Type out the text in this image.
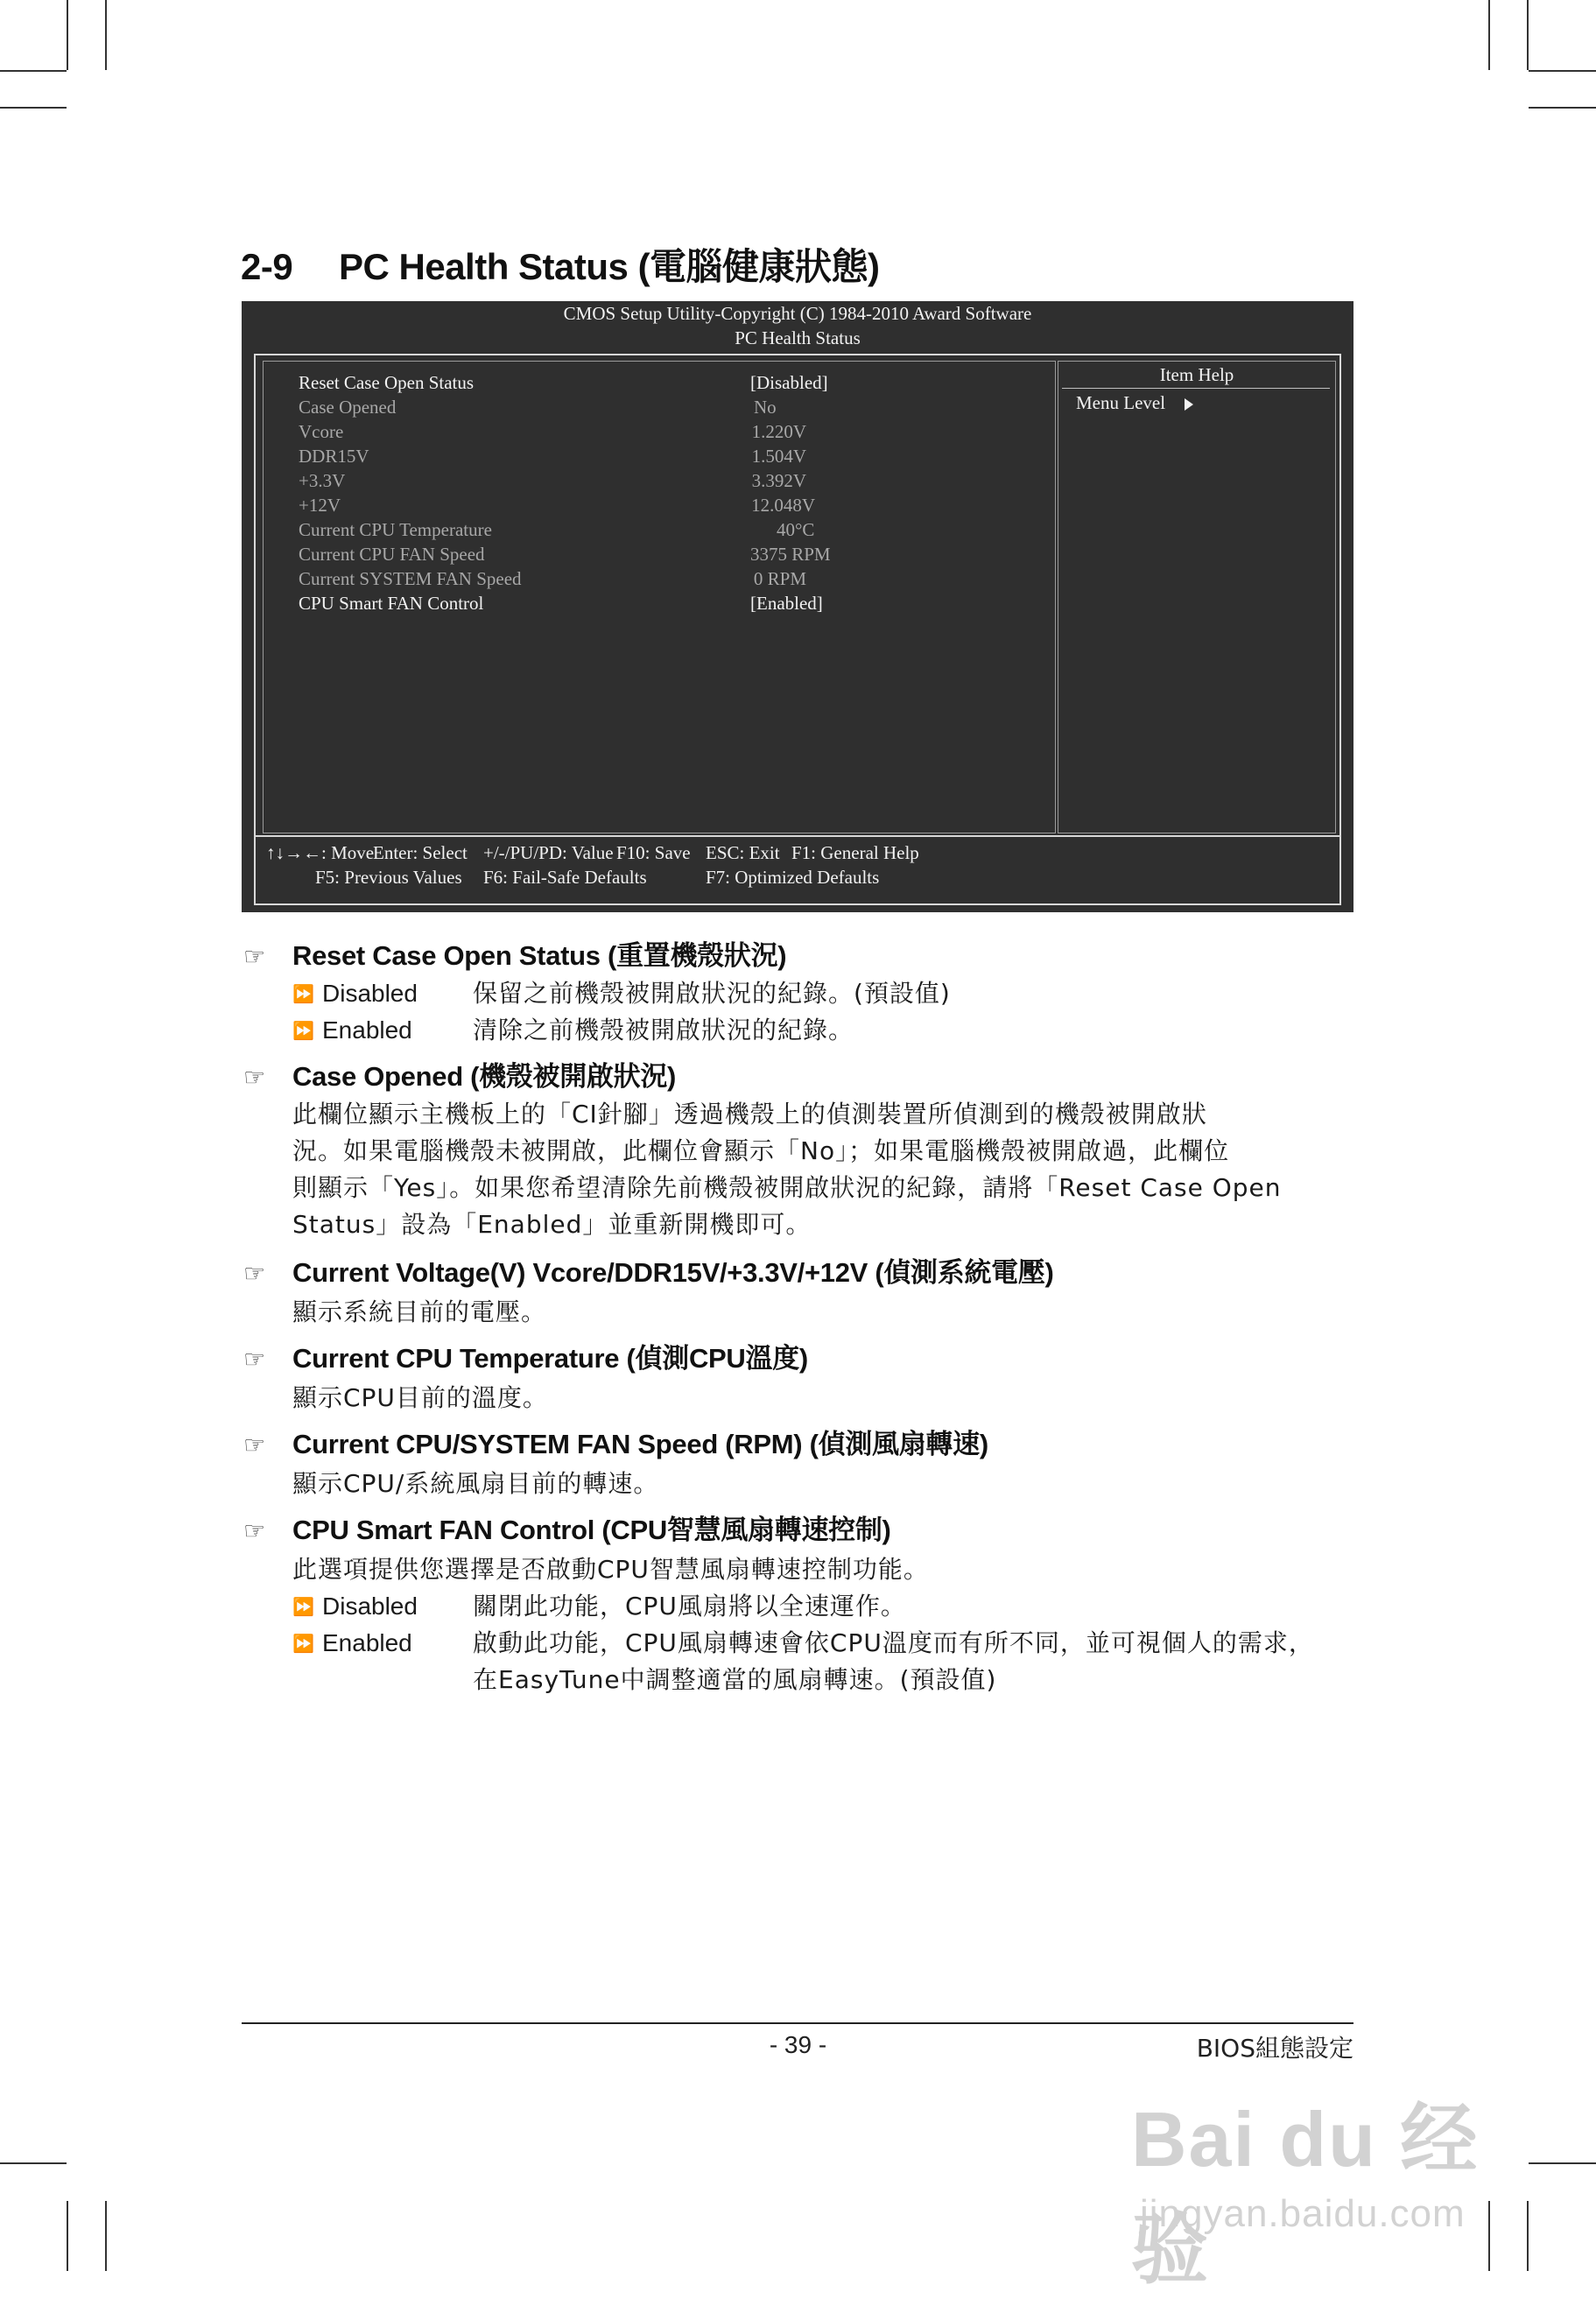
2-9 PC Health Status (電腦健康狀態)
CMOS Setup Utility-Copyright (C) 1984-2010 Award Software
PC Health Status
Reset Case Open Status	[Disabled]
Case Opened	No
Vcore	1.220V
DDR15V	1.504V
+3.3V	3.392V
+12V	12.048V
Current CPU Temperature	40°C
Current CPU FAN Speed	3375 RPM
Current SYSTEM FAN Speed	0 RPM
CPU Smart FAN Control	[Enabled]
Item Help
Menu Level
↑↓→←: Move
Enter: Select +/-/PU/PD: Value F10: Save ESC: Exit F1: General Help
F5: Previous Values F6: Fail-Safe Defaults	F7: Optimized Defaults
☞ Reset Case Open Status (重置機殼狀況)
⏩ Disabled 保留之前機殼被開啟狀況的紀錄。(預設值)
⏩ Enabled 清除之前機殼被開啟狀況的紀錄。
☞ Case Opened (機殼被開啟狀況)
此欄位顯示主機板上的「CI針腳」透過機殼上的偵測裝置所偵測到的機殼被開啟狀
況。如果電腦機殼未被開啟，此欄位會顯示「No」；如果電腦機殼被開啟過，此欄位
則顯示「Yes」。如果您希望清除先前機殼被開啟狀況的紀錄，請將「Reset Case Open
Status」設為「Enabled」並重新開機即可。
☞ Current Voltage(V) Vcore/DDR15V/+3.3V/+12V (偵測系統電壓)
顯示系統目前的電壓。
☞ Current CPU Temperature (偵測CPU溫度)
顯示CPU目前的溫度。
☞ Current CPU/SYSTEM FAN Speed (RPM) (偵測風扇轉速)
顯示CPU/系統風扇目前的轉速。
☞ CPU Smart FAN Control (CPU智慧風扇轉速控制)
此選項提供您選擇是否啟動CPU智慧風扇轉速控制功能。
⏩ Disabled 關閉此功能，CPU風扇將以全速運作。
⏩ Enabled 啟動此功能，CPU風扇轉速會依CPU溫度而有所不同，並可視個人的需求，
在EasyTune中調整適當的風扇轉速。(預設值)
- 39 -	BIOS組態設定
Bai du 经验
jingyan.baidu.com
